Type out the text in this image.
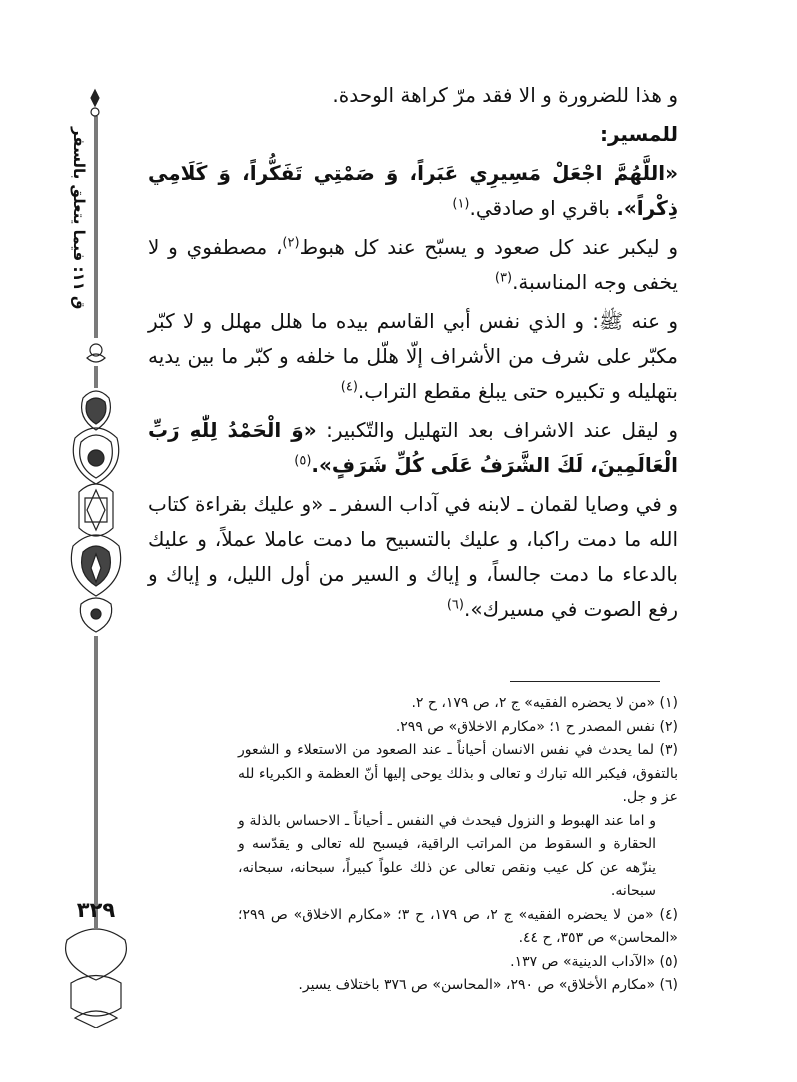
ق ۱۱: فيما يتعلق بالسفر
٣٢٩

و هذا للضرورة و الا فقد مرّ كراهة الوحدة.

للمسير:

«اللَّهُمَّ اجْعَلْ مَسِيرِي عَبَراً، وَ صَمْتِي تَفَكُّراً، وَ كَلَامِي ذِكْراً». باقري او صادقي.$^{(١)}$

و ليكبر عند كل صعود و يسبّح عند كل هبوط$^{(٢)}$، مصطفوي و لا يخفى وجه المناسبة.$^{(٣)}$

و عنه ﷺ: و الذي نفس أبي القاسم بيده ما هلل مهلل و لا كبّر مكبّر على شرف من الأشراف إلّا هلّل ما خلفه و كبّر ما بين يديه بتهليله و تكبيره حتى يبلغ مقطع التراب.$^{(٤)}$

و ليقل عند الاشراف بعد التهليل والتّكبير: «وَ الْحَمْدُ لِلّٰهِ رَبِّ الْعَالَمِينَ، لَكَ الشَّرَفُ عَلَى كُلِّ شَرَفٍ».$^{(٥)}$

و في وصايا لقمان ـ لابنه في آداب السفر ـ «و عليك بقراءة كتاب الله ما دمت راكبا، و عليك بالتسبيح ما دمت عاملا عملاً، و عليك بالدعاء ما دمت جالساً، و إياك و السير من أول الليل، و إياك و رفع الصوت في مسيرك».$^{(٦)}$

(١) «من لا يحضره الفقيه» ج ٢، ص ١٧٩، ح ٢.

(٢) نفس المصدر ح ١؛ «مكارم الاخلاق» ص ٢٩٩.

(٣) لما يحدث في نفس الانسان أحياناً ـ عند الصعود من الاستعلاء و الشعور بالتفوق، فيكبر الله تبارك و تعالى و بذلك يوحى إليها أنّ العظمة و الكبرياء لله عز و جل.

و اما عند الهبوط و النزول فيحدث في النفس ـ أحياناً ـ الاحساس بالذلة و الحقارة و السقوط من المراتب الراقية، فيسبح لله تعالى و يقدّسه و ينزّهه عن كل عيب ونقص تعالى عن ذلك علواً كبيراً، سبحانه، سبحانه، سبحانه.

(٤) «من لا يحضره الفقيه» ج ٢، ص ١٧٩، ح ٣؛ «مكارم الاخلاق» ص ٢٩٩؛ «المحاسن» ص ٣٥٣، ح ٤٤.

(٥) «الآداب الدينية» ص ١٣٧.

(٦) «مكارم الأخلاق» ص ٢٩٠، «المحاسن» ص ٣٧٦ باختلاف يسير.
